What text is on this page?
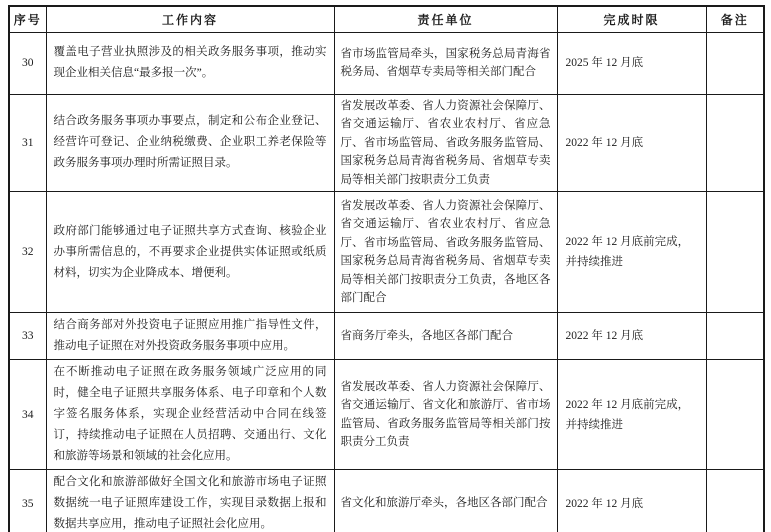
序号	工作内容	责任单位	完成时限	备注
30	覆盖电子营业执照涉及的相关政务服务事项，推动实现企业相关信息“最多报一次”。	省市场监管局牵头，国家税务总局青海省税务局、省烟草专卖局等相关部门配合	2025 年 12 月底	
31	结合政务服务事项办事要点，制定和公布企业登记、经营许可登记、企业纳税缴费、企业职工养老保险等政务服务事项办理时所需证照目录。	省发展改革委、省人力资源社会保障厅、省交通运输厅、省农业农村厅、省应急厅、省市场监管局、省政务服务监管局、国家税务总局青海省税务局、省烟草专卖局等相关部门按职责分工负责	2022 年 12 月底	
32	政府部门能够通过电子证照共享方式查询、核验企业办事所需信息的，不再要求企业提供实体证照或纸质材料，切实为企业降成本、增便利。	省发展改革委、省人力资源社会保障厅、省交通运输厅、省农业农村厅、省应急厅、省市场监管局、省政务服务监管局、国家税务总局青海省税务局、省烟草专卖局等相关部门按职责分工负责，各地区各部门配合	2022 年 12 月底前完成，并持续推进	
33	结合商务部对外投资电子证照应用推广指导性文件，推动电子证照在对外投资政务服务事项中应用。	省商务厅牵头，各地区各部门配合	2022 年 12 月底	
34	在不断推动电子证照在政务服务领域广泛应用的同时，健全电子证照共享服务体系、电子印章和个人数字签名服务体系，实现企业经营活动中合同在线签订，持续推动电子证照在人员招聘、交通出行、文化和旅游等场景和领域的社会化应用。	省发展改革委、省人力资源社会保障厅、省交通运输厅、省文化和旅游厅、省市场监管局、省政务服务监管局等相关部门按职责分工负责	2022 年 12 月底前完成，并持续推进	
35	配合文化和旅游部做好全国文化和旅游市场电子证照数据统一电子证照库建设工作，实现目录数据上报和数据共享应用，推动电子证照社会化应用。	省文化和旅游厅牵头，各地区各部门配合	2022 年 12 月底	
